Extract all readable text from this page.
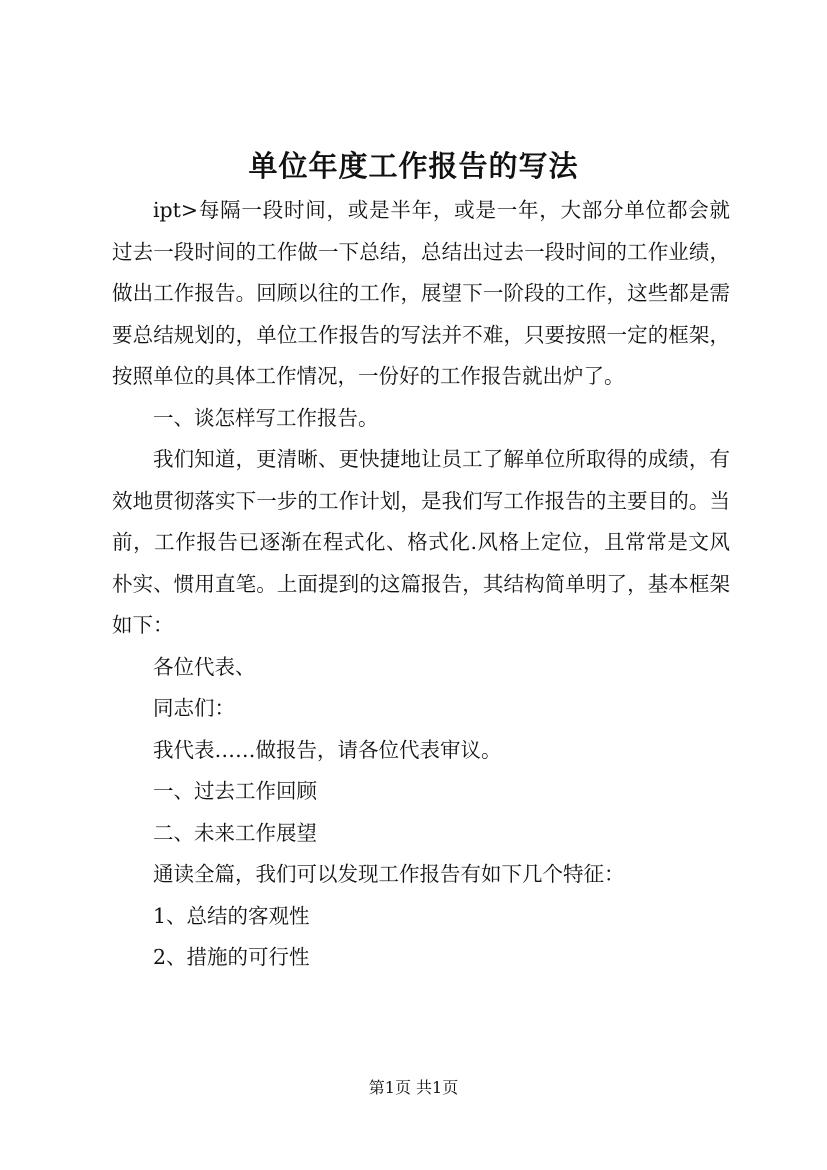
单位年度工作报告的写法

ipt>每隔一段时间，或是半年，或是一年，大部分单位都会就过去一段时间的工作做一下总结，总结出过去一段时间的工作业绩，做出工作报告。回顾以往的工作，展望下一阶段的工作，这些都是需要总结规划的，单位工作报告的写法并不难，只要按照一定的框架，按照单位的具体工作情况，一份好的工作报告就出炉了。

一、谈怎样写工作报告。

我们知道，更清晰、更快捷地让员工了解单位所取得的成绩，有效地贯彻落实下一步的工作计划，是我们写工作报告的主要目的。当前，工作报告已逐渐在程式化、格式化.风格上定位，且常常是文风朴实、惯用直笔。上面提到的这篇报告，其结构简单明了，基本框架如下：

各位代表、

同志们：

我代表……做报告，请各位代表审议。

一、过去工作回顾

二、未来工作展望

通读全篇，我们可以发现工作报告有如下几个特征：

1、总结的客观性

2、措施的可行性

第1页 共1页
